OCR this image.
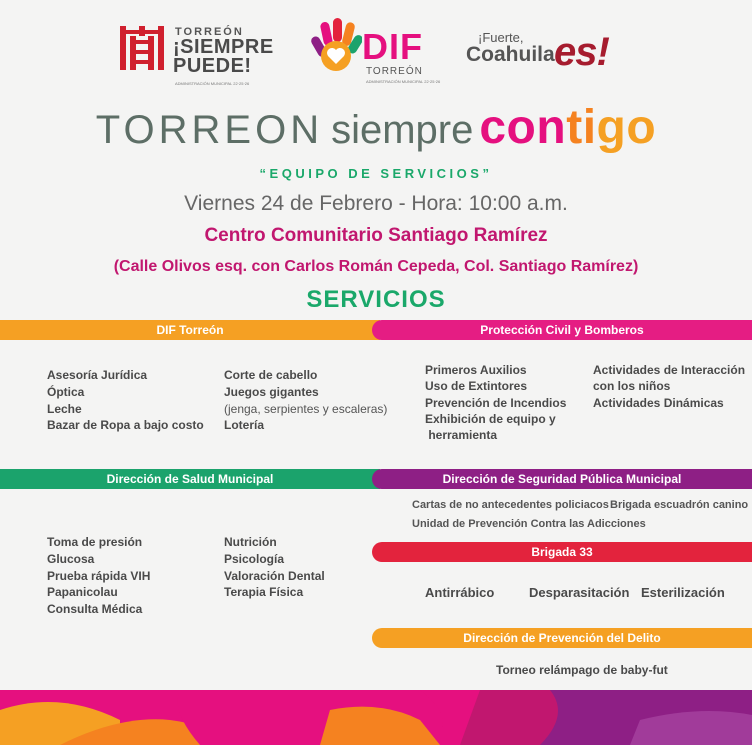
TORREÓN
¡SIEMPRE
PUEDE!
ADMINISTRACIÓN MUNICIPAL 22·25·26
DIF
TORREÓN
ADMINISTRACIÓN MUNICIPAL 22·25·26
¡Fuerte,
Coahuila es!
TORREON siempre contigo
“EQUIPO DE SERVICIOS”
Viernes 24 de Febrero - Hora: 10:00 a.m.
Centro Comunitario Santiago Ramírez
(Calle Olivos esq. con Carlos Román Cepeda, Col. Santiago Ramírez)
SERVICIOS
DIF Torreón	Protección Civil y Bomberos
Asesoría Jurídica
Óptica
Leche
Bazar de Ropa a bajo costo
Corte de cabello
Juegos gigantes
(jenga, serpientes y escaleras)
Lotería
Primeros Auxilios
Uso de Extintores
Prevención de Incendios
Exhibición de equipo y
herramienta
Actividades de Interacción
con los niños
Actividades Dinámicas
Dirección de Salud Municipal	Dirección de Seguridad Pública Municipal
Toma de presión
Glucosa
Prueba rápida VIH
Papanicolau
Consulta Médica
Nutrición
Psicología
Valoración Dental
Terapia Física
Cartas de no antecedentes policiacos Brigada escuadrón canino
Unidad de Prevención Contra las Adicciones
Brigada 33
Antirrábico	Desparasitación Esterilización
Dirección de Prevención del Delito
Torneo relámpago de baby-fut
